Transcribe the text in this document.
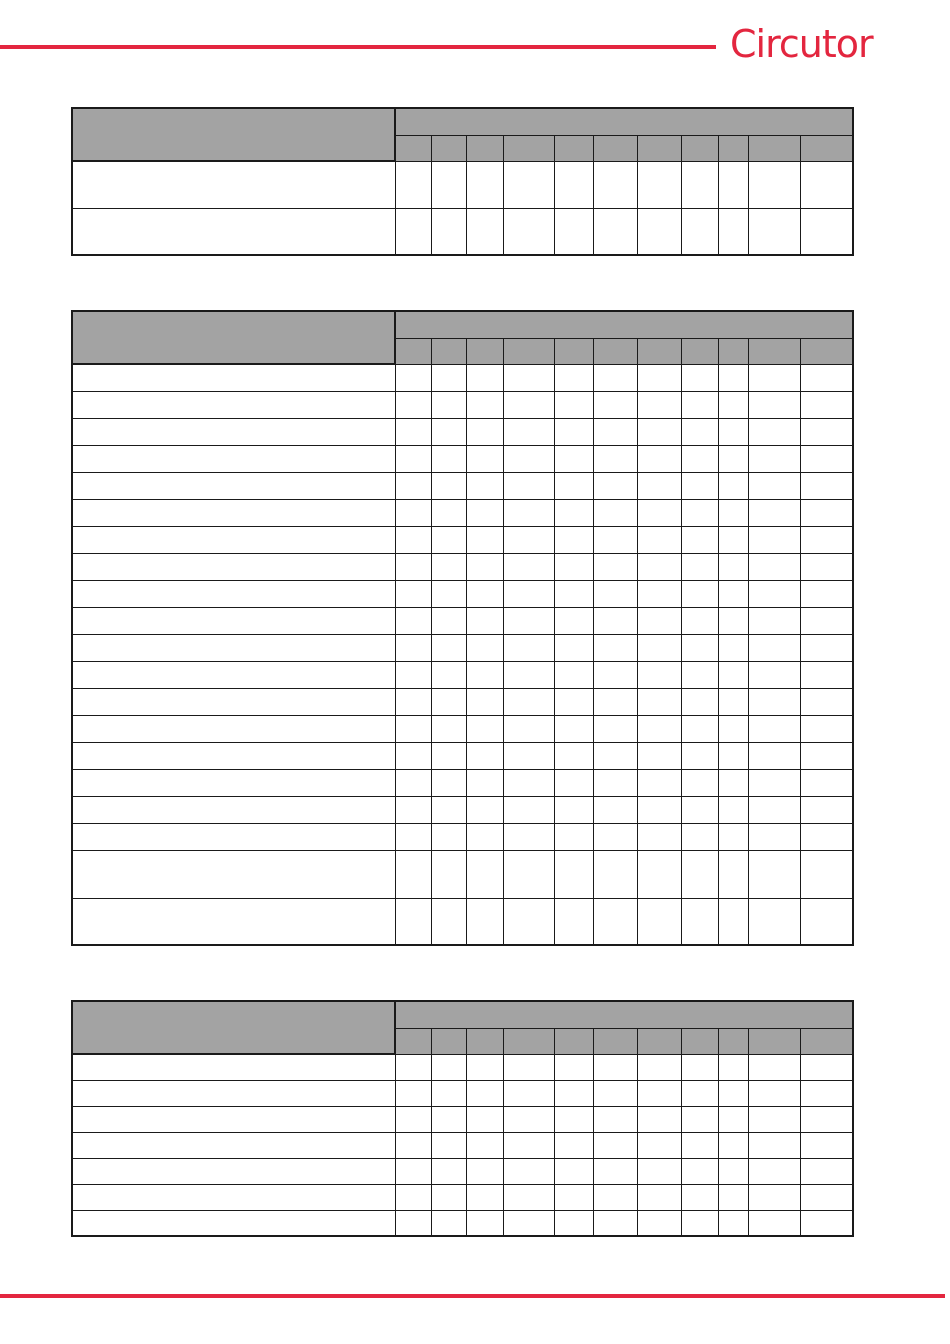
Circutor
